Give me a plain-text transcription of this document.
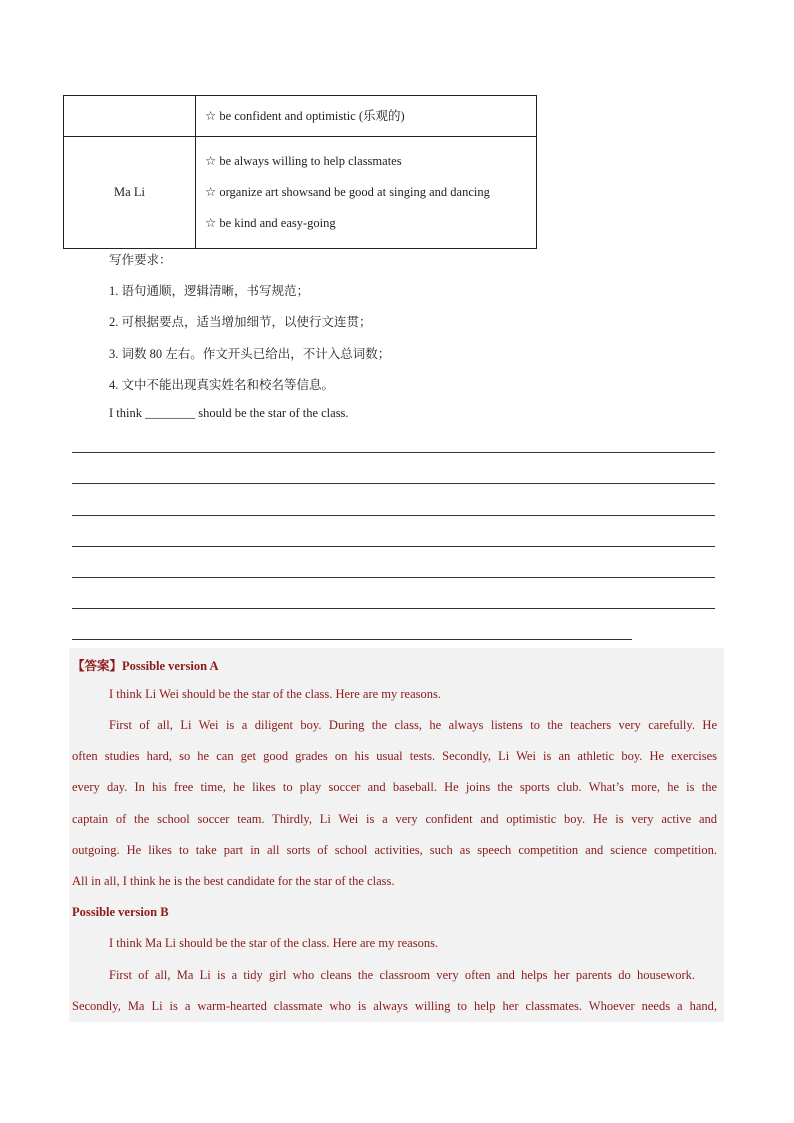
	☆ be confident and optimistic (乐观的)

Ma Li	☆ be always willing to help classmates
☆ organize art showsand be good at singing and dancing
☆ be kind and easy-going
写作要求：
1. 语句通顺，逻辑清晰，书写规范；
2. 可根据要点，适当增加细节，以使行文连贯；
3. 词数 80 左右。作文开头已给出，不计入总词数；
4. 文中不能出现真实姓名和校名等信息。
I think ________ should be the star of the class.
【答案】Possible version A
I think Li Wei should be the star of the class. Here are my reasons.
First of all, Li Wei is a diligent boy. During the class, he always listens to the teachers very carefully. He
often studies hard, so he can get good grades on his usual tests. Secondly, Li Wei is an athletic boy. He exercises
every day. In his free time, he likes to play soccer and baseball. He joins the sports club. What’s more, he is the
captain of the school soccer team. Thirdly, Li Wei is a very confident and optimistic boy. He is very active and
outgoing. He likes to take part in all sorts of school activities, such as speech competition and science competition.
All in all, I think he is the best candidate for the star of the class.
Possible version B
I think Ma Li should be the star of the class. Here are my reasons.
First of all, Ma Li is a tidy girl who cleans the classroom very often and helps her parents do housework.
Secondly, Ma Li is a warm-hearted classmate who is always willing to help her classmates. Whoever needs a hand,
